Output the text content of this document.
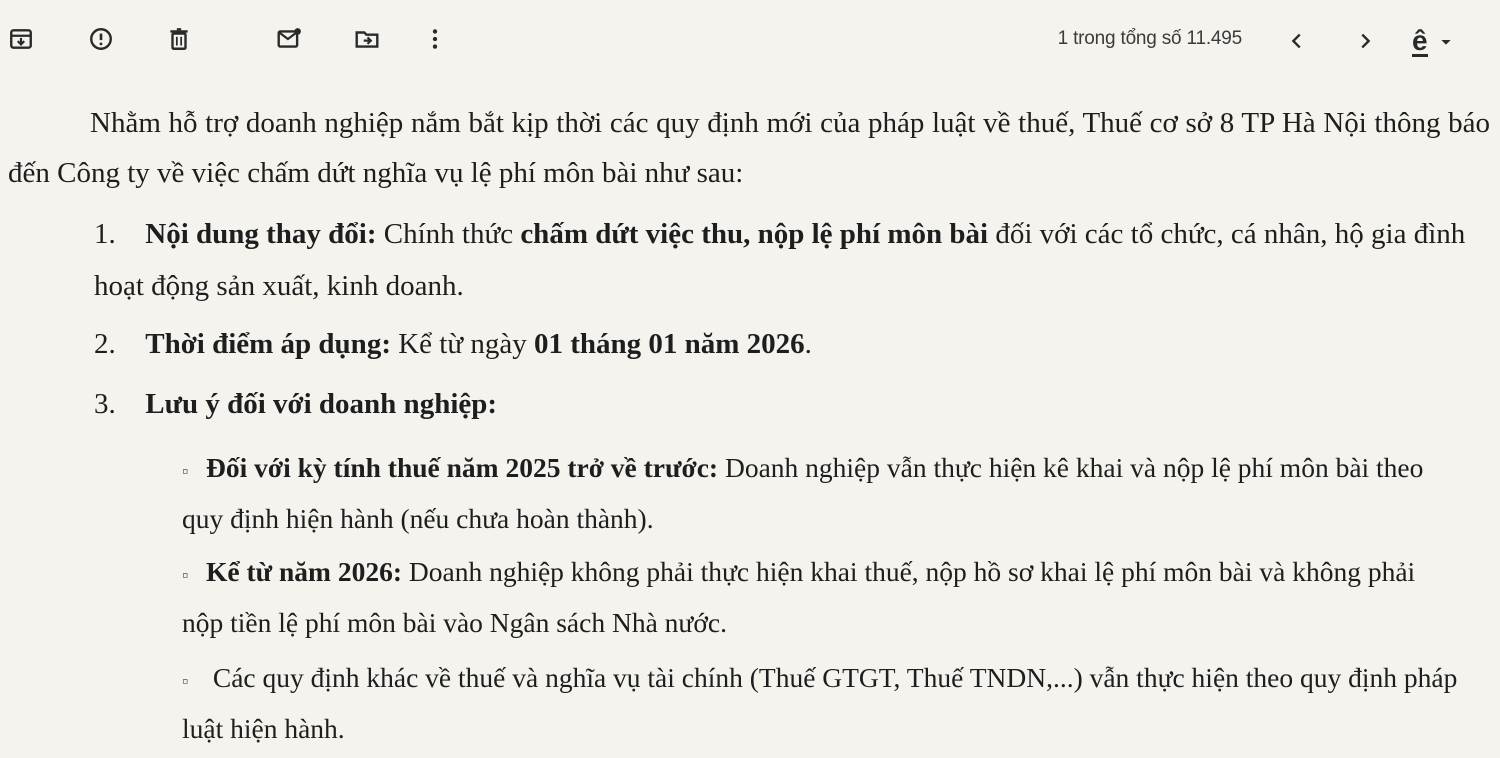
1 trong tổng số 11.495	ê

Nhằm hỗ trợ doanh nghiệp nắm bắt kịp thời các quy định mới của pháp luật về thuế, Thuế cơ sở 8 TP Hà Nội thông báo đến Công ty về việc chấm dứt nghĩa vụ lệ phí môn bài như sau:

1. Nội dung thay đổi: Chính thức chấm dứt việc thu, nộp lệ phí môn bài đối với các tổ chức, cá nhân, hộ gia đình hoạt động sản xuất, kinh doanh.

2. Thời điểm áp dụng: Kể từ ngày 01 tháng 01 năm 2026.

3. Lưu ý đối với doanh nghiệp:

▫ Đối với kỳ tính thuế năm 2025 trở về trước: Doanh nghiệp vẫn thực hiện kê khai và nộp lệ phí môn bài theo quy định hiện hành (nếu chưa hoàn thành).

▫ Kể từ năm 2026: Doanh nghiệp không phải thực hiện khai thuế, nộp hồ sơ khai lệ phí môn bài và không phải nộp tiền lệ phí môn bài vào Ngân sách Nhà nước.

▫ Các quy định khác về thuế và nghĩa vụ tài chính (Thuế GTGT, Thuế TNDN,...) vẫn thực hiện theo quy định pháp luật hiện hành.
